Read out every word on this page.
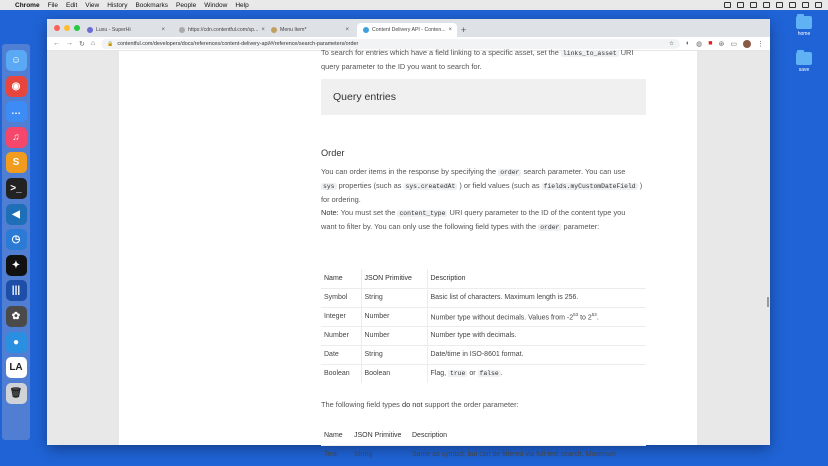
Chrome File Edit View History Bookmarks People Window Help
home
save
☺
◉
…
♫
S
>_
◀
◷
✦
|||
✿
●
LA
🗑
Luxu - SuperHi	×	https://cdn.contentful.com/sp... ×	Menu Item*	×	Content Delivery API - Conten... × +
← → ↻ ⌂ 🔒 contentful.com/developers/docs/references/content-delivery-api/#/reference/search-parameters/order	☆ ◐ ◍ ■ ⊛ ▭	⋮
To search for entries which have a field linking to a specific asset, set the links_to_asset URI
query parameter to the ID you want to search for.
Query entries
Order
You can order items in the response by specifying the order search parameter. You can use
sys properties (such as sys.createdAt ) or field values (such as fields.myCustomDateField )
for ordering.
Note: You must set the content_type URI query parameter to the ID of the content type you
want to filter by. You can only use the following field types with the order parameter:
Name	JSON Primitive	Description
Symbol	String	Basic list of characters. Maximum length is 256.
Integer	Number	Number type without decimals. Values from $-2^{53}$ to $2^{53}$.
Number	Number	Number type with decimals.
Date	String	Date/time in ISO-8601 format.
Boolean	Boolean	Flag, true or false .
The following field types do not support the order parameter:
Name	JSON Primitive	Description
Text	String	Same as symbol, but can be filtered via full-text search. Maximum
